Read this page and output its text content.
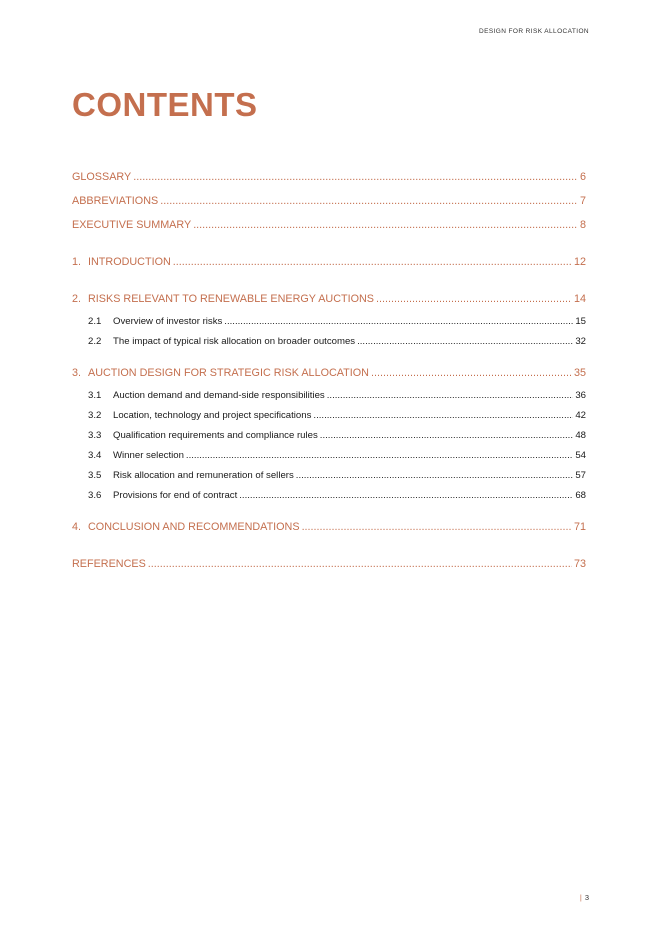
DESIGN FOR RISK ALLOCATION
CONTENTS
GLOSSARY .....	6
ABBREVIATIONS .....	7
EXECUTIVE SUMMARY .....	8
1. INTRODUCTION .....	12
2. RISKS RELEVANT TO RENEWABLE ENERGY AUCTIONS .....	14
2.1	Overview of investor risks .....	15
2.2	The impact of typical risk allocation on broader outcomes .....	32
3. AUCTION DESIGN FOR STRATEGIC RISK ALLOCATION .....	35
3.1	Auction demand and demand-side responsibilities .....	36
3.2	Location, technology and project specifications .....	42
3.3	Qualification requirements and compliance rules .....	48
3.4	Winner selection .....	54
3.5	Risk allocation and remuneration of sellers .....	57
3.6	Provisions for end of contract .....	68
4. CONCLUSION AND RECOMMENDATIONS .....	71
REFERENCES .....	73
| 3
